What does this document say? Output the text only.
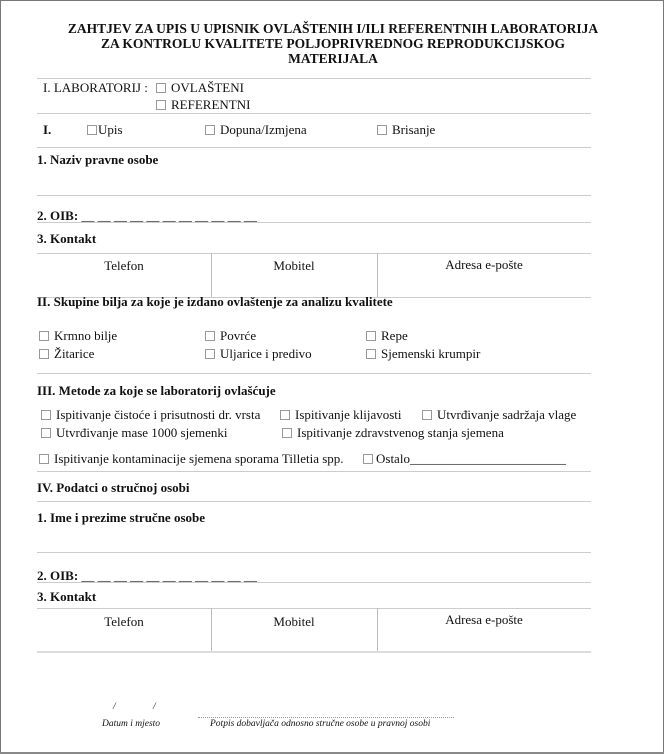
ZAHTJEV ZA UPIS U UPISNIK OVLAŠTENIH I/ILI REFERENTNIH LABORATORIJA
ZA KONTROLU KVALITETE POLJOPRIVREDNOG REPRODUKCIJSKOG
MATERIJALA
I. LABORATORIJ :	OVLAŠTENI
REFERENTNI
I.	Upis	Dopuna/Izmjena	Brisanje
1. Naziv pravne osobe
2. OIB: __ __ __ __ __ __ __ __ __ __ __
3. Kontakt
Telefon	Mobitel	Adresa e-pošte
II. Skupine bilja za koje je izdano ovlaštenje za analizu kvalitete
Krmno bilje	Povrće	Repe
Žitarice	Uljarice i predivo	Sjemenski krumpir
III. Metode za koje se laboratorij ovlašćuje
Ispitivanje čistoće i prisutnosti dr. vrsta	Ispitivanje klijavosti	Utvrđivanje sadržaja vlage
Utvrđivanje mase 1000 sjemenki	Ispitivanje zdravstvenog stanja sjemena
Ispitivanje kontaminacije sjemena sporama Tilletia spp.	Ostalo________________________
IV. Podatci o stručnoj osobi
1. Ime i prezime stručne osobe
2. OIB: __ __ __ __ __ __ __ __ __ __ __
3. Kontakt
Telefon	Mobitel	Adresa e-pošte
/	/
Datum i mjesto	Potpis dobavljača odnosno stručne osobe u pravnoj osobi
